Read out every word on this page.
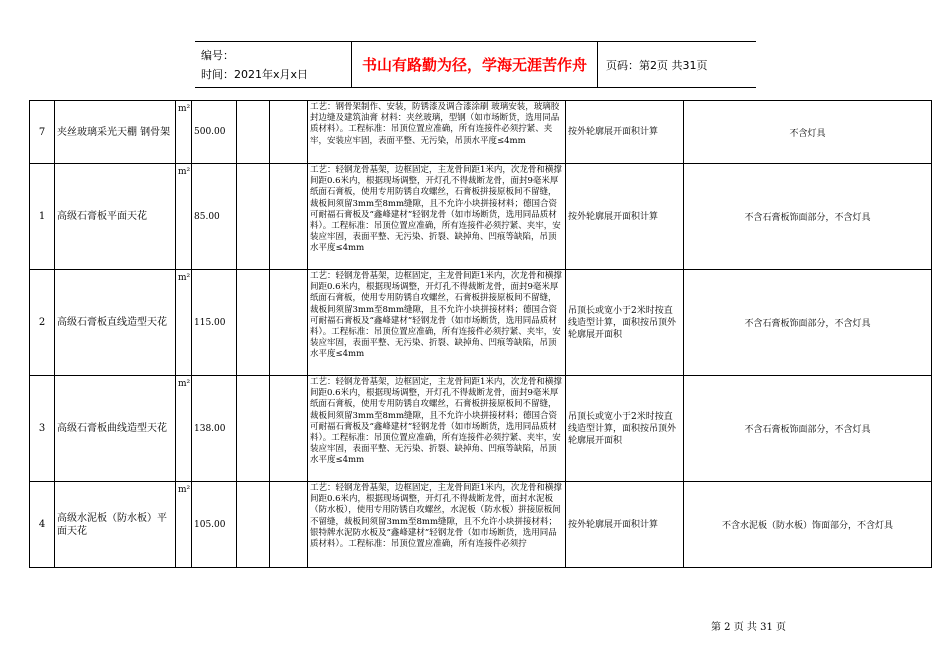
编号：
时间：2021年x月x日
书山有路勤为径，学海无涯苦作舟	页码：第2页 共31页
7	夹丝玻璃采光天棚 钢骨架	m²	500.00			工艺：钢骨架制作、安装，防锈漆及调合漆涂刷 玻璃安装，玻璃胶封边缝及建筑油膏 材料：夹丝玻璃，型钢（如市场断货，选用同品质材料）。工程标准：吊顶位置应准确，所有连接件必须拧紧、夹牢，安装应牢固，表面平整、无污染，吊顶水平度≤4mm	按外轮廓展开面积计算	不含灯具
1	高级石膏板平面天花	m²	85.00			工艺：轻钢龙骨基架，边框固定，主龙骨间距1米内，次龙骨和横撑间距0.6米内，根据现场调整，开灯孔不得裁断龙骨，面封9毫米厚纸面石膏板，使用专用防锈自攻螺丝，石膏板拼接原板间不留缝，裁板间须留3mm至8mm缝隙，且不允许小块拼接材料；德国合资可耐福石膏板及“鑫峰建材”轻钢龙骨（如市场断货，选用同品质材料）。工程标准：吊顶位置应准确，所有连接件必须拧紧、夹牢，安装应牢固，表面平整、无污染、折裂、缺掉角、凹痕等缺陷，吊顶水平度≤4mm	按外轮廓展开面积计算	不含石膏板饰面部分，不含灯具
2	高级石膏板直线造型天花	m²	115.00			工艺：轻钢龙骨基架，边框固定，主龙骨间距1米内，次龙骨和横撑间距0.6米内，根据现场调整，开灯孔不得裁断龙骨，面封9毫米厚纸面石膏板，使用专用防锈自攻螺丝，石膏板拼接原板间不留缝，裁板间须留3mm至8mm缝隙，且不允许小块拼接材料；德国合资可耐福石膏板及“鑫峰建材”轻钢龙骨（如市场断货，选用同品质材料）。工程标准：吊顶位置应准确，所有连接件必须拧紧、夹牢，安装应牢固，表面平整、无污染、折裂、缺掉角、凹痕等缺陷，吊顶水平度≤4mm	吊顶长或宽小于2米时按直线造型计算，面积按吊顶外轮廓展开面积	不含石膏板饰面部分，不含灯具
3	高级石膏板曲线造型天花	m²	138.00			工艺：轻钢龙骨基架，边框固定，主龙骨间距1米内，次龙骨和横撑间距0.6米内，根据现场调整，开灯孔不得裁断龙骨，面封9毫米厚纸面石膏板，使用专用防锈自攻螺丝，石膏板拼接原板间不留缝，裁板间须留3mm至8mm缝隙，且不允许小块拼接材料；德国合资可耐福石膏板及“鑫峰建材”轻钢龙骨（如市场断货，选用同品质材料）。工程标准：吊顶位置应准确，所有连接件必须拧紧、夹牢，安装应牢固，表面平整、无污染、折裂、缺掉角、凹痕等缺陷，吊顶水平度≤4mm	吊顶长或宽小于2米时按直线造型计算，面积按吊顶外轮廓展开面积	不含石膏板饰面部分，不含灯具
4	高级水泥板（防水板）平面天花	m²	105.00			工艺：轻钢龙骨基架，边框固定，主龙骨间距1米内，次龙骨和横撑间距0.6米内，根据现场调整，开灯孔不得裁断龙骨，面封水泥板（防水板），使用专用防锈自攻螺丝，水泥板（防水板）拼接原板间不留缝，裁板间须留3mm至8mm缝隙，且不允许小块拼接材料；银特牌水泥防水板及“鑫峰建材”轻钢龙骨（如市场断货，选用同品质材料）。工程标准：吊顶位置应准确，所有连接件必须拧	按外轮廓展开面积计算	不含水泥板（防水板）饰面部分，不含灯具
第 2 页 共 31 页
